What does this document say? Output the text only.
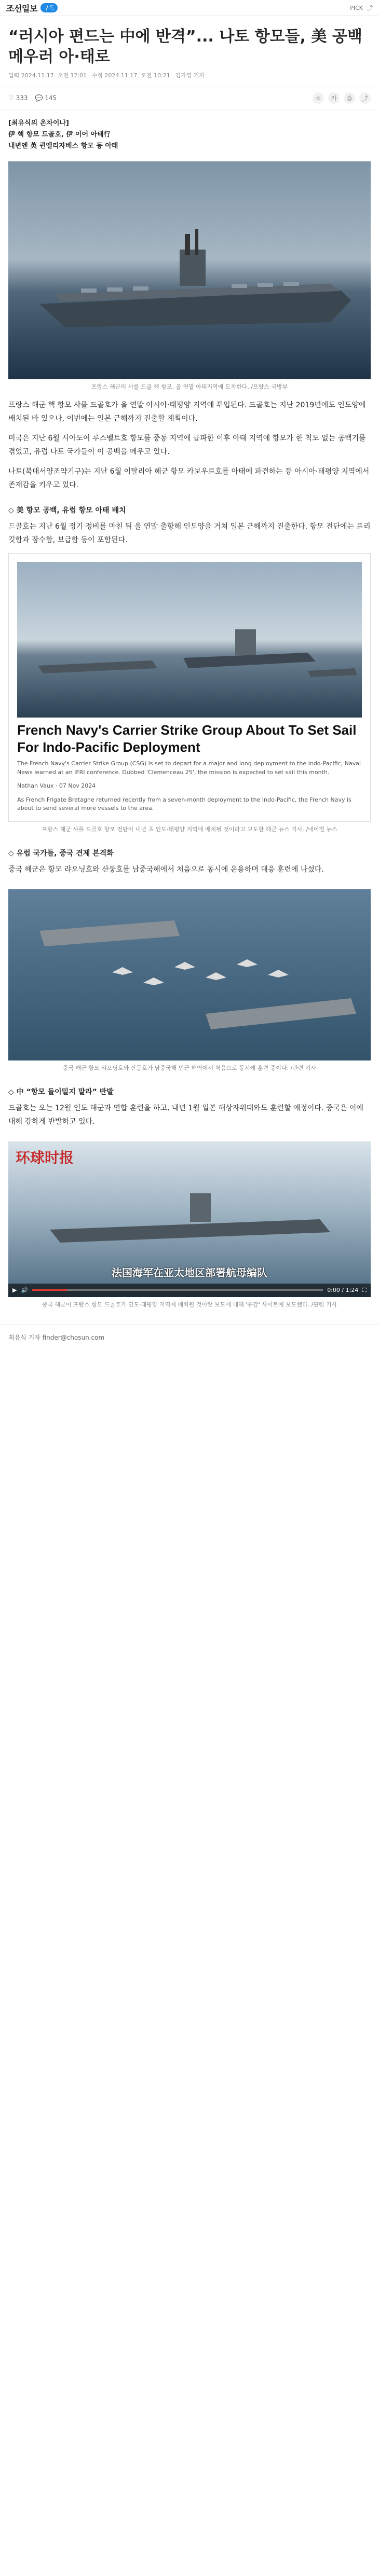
조선일보	구독	PICK ⤴
“러시아 편드는 中에 반격”... 나토 항모들, 美 공백 메우러 아·태로
입력 2024.11.17. 오전 12:01 수정 2024.11.17. 오전 10:21 김가영 기자
♡ 333 💬 145	☆	가	⎙	⤴
[최유식의 온차이나]
伊 핵 항모 드골호, 伊 이어 아태行
내년엔 英 퀸엘리자베스 항모 등 아태
프랑스 해군의 샤를 드골 핵 항모. 올 연말 아태지역에 도착한다. /프랑스 국방부

프랑스 해군 핵 항모 샤를 드골호가 올 연말 아시아·태평양 지역에 투입된다. 드골호는 지난 2019년에도 인도양에 배치된 바 있으나, 이번에는 일본 근해까지 진출할 계획이다.

미국은 지난 6월 시아도어 루스벨트호 항모를 중동 지역에 급파한 이후 아태 지역에 항모가 한 척도 없는 공백기를 겪었고, 유럽 나토 국가들이 이 공백을 메우고 있다.

나토(북대서양조약기구)는 지난 6월 이탈리아 해군 항모 카보우르호를 아태에 파견하는 등 아시아·태평양 지역에서 존재감을 키우고 있다.

◇ 美 항모 공백, 유럽 항모 아태 배치

드골호는 지난 6월 정기 정비를 마친 뒤 올 연말 출항해 인도양을 거쳐 일본 근해까지 진출한다. 항모 전단에는 프리깃함과 잠수함, 보급함 등이 포함된다.

French Navy's Carrier Strike Group About To Set Sail For Indo-Pacific Deployment
The French Navy's Carrier Strike Group (CSG) is set to depart for a major and long deployment to the Indo-Pacific, Naval News learned at an IFRI conference. Dubbed 'Clemenceau 25', the mission is expected to set sail this month.
Nathan Vaux · 07 Nov 2024
As French Frigate Bretagne returned recently from a seven-month deployment to the Indo-Pacific, the French Navy is about to send several more vessels to the area.
프랑스 해군 샤를 드골호 항모 전단이 내년 초 인도·태평양 지역에 배치될 것이라고 보도한 해군 뉴스 기사. /네이벌 뉴스
◇ 유럽 국가들, 중국 견제 본격화

중국 해군은 항모 랴오닝호와 산둥호를 남중국해에서 처음으로 동시에 운용하며 대응 훈련에 나섰다.

중국 해군 항모 랴오닝호와 산둥호가 남중국해 인근 해역에서 처음으로 동시에 훈련 중이다. /관련 기사
◇ 中 “항모 들이밀지 말라” 반발

드골호는 오는 12월 인도 해군과 연합 훈련을 하고, 내년 1월 일본 해상자위대와도 훈련할 예정이다. 중국은 이에 대해 강하게 반발하고 있다.

环球时报
法国海军在亚太地区部署航母编队
▶ 🔊	0:00 / 1:24 ⛶
중국 해군이 프랑스 항모 드골호가 인도·태평양 지역에 배치될 것이란 보도에 대해 '유감' 사이트에 보도했다. /관련 기사
최유식 기자 finder@chosun.com
